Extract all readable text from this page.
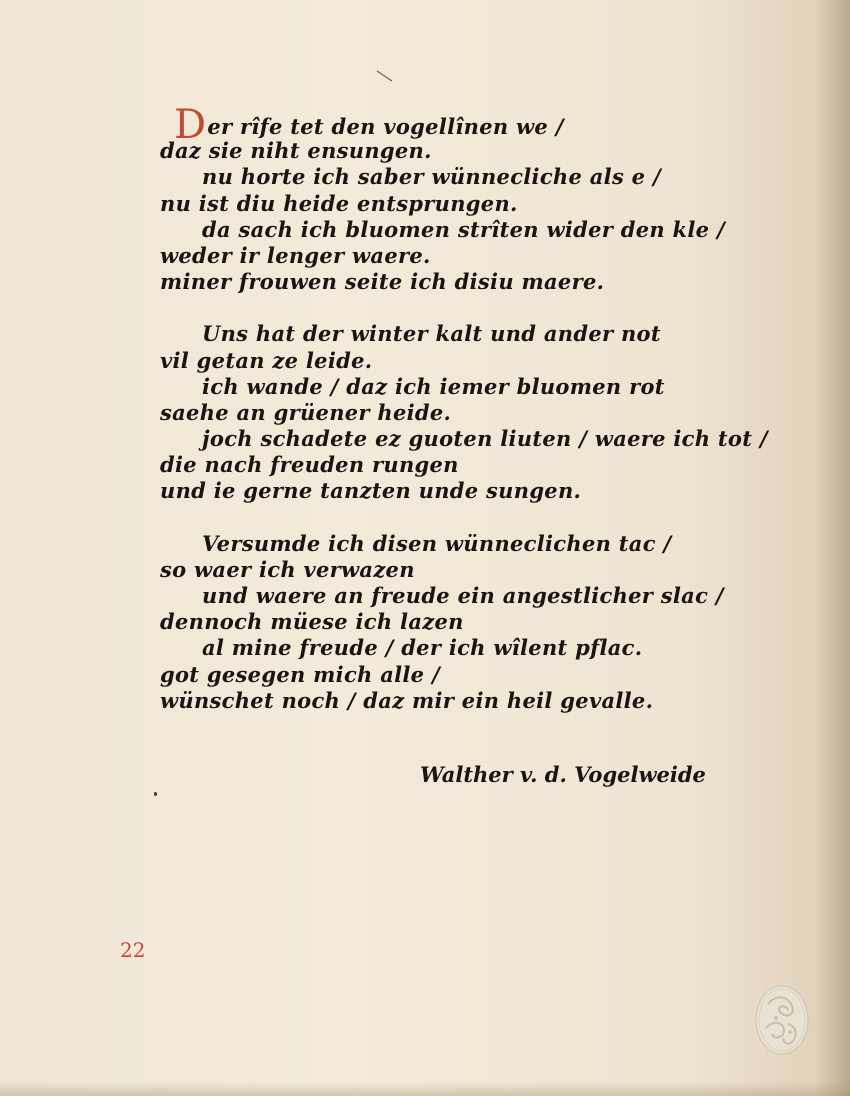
Der rîfe tet den vogellînen we /
daz sie niht ensungen.
nu horte ich saber wünnecliche als e /
nu ist diu heide entsprungen.
da sach ich bluomen strîten wider den kle /
weder ir lenger waere.
miner frouwen seite ich disiu maere.
Uns hat der winter kalt und ander not
vil getan ze leide.
ich wande / daz ich iemer bluomen rot
saehe an grüener heide.
joch schadete ez guoten liuten / waere ich tot /
die nach freuden rungen
und ie gerne tanzten unde sungen.
Versumde ich disen wünneclichen tac /
so waer ich verwazen
und waere an freude ein angestlicher slac /
dennoch müese ich lazen
al mine freude / der ich wîlent pflac.
got gesegen mich alle /
wünschet noch / daz mir ein heil gevalle.
Walther v. d. Vogelweide
22
